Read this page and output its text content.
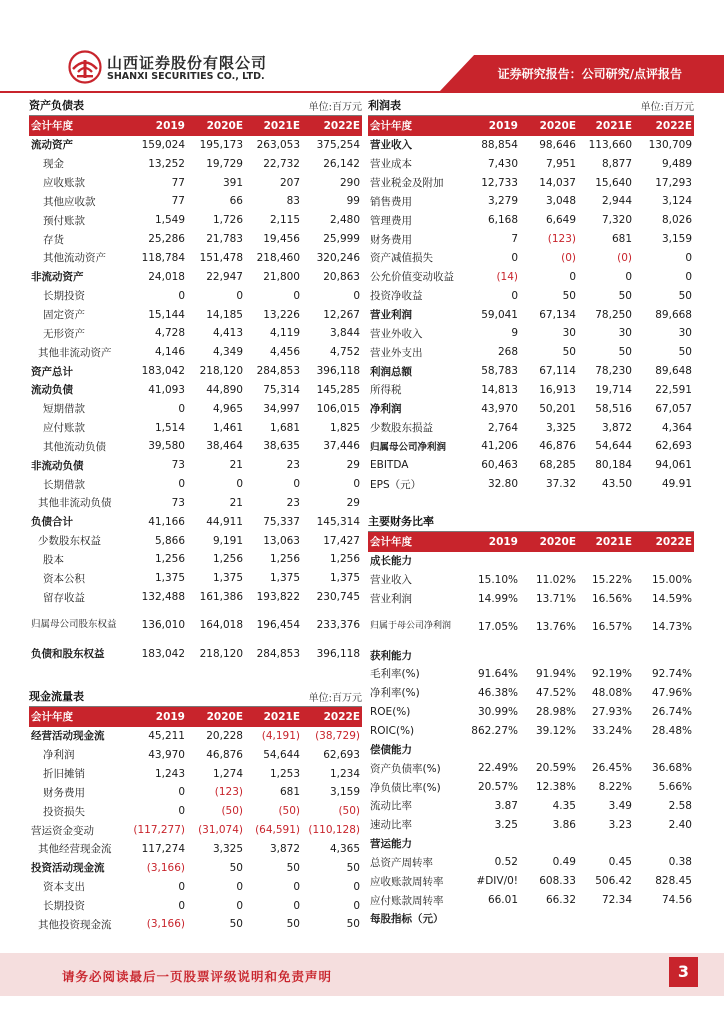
山西证券股份有限公司
SHANXI SECURITIES CO., LTD.	证券研究报告：公司研究/点评报告
资产负债表	单位:百万元
会计年度	2019	2020E	2021E	2022E
流动资产	159,024	195,173	263,053	375,254
现金	13,252	19,729	22,732	26,142
应收账款	77	391	207	290
其他应收款	77	66	83	99
预付账款	1,549	1,726	2,115	2,480
存货	25,286	21,783	19,456	25,999
其他流动资产	118,784	151,478	218,460	320,246
非流动资产	24,018	22,947	21,800	20,863
长期投资	0	0	0	0
固定资产	15,144	14,185	13,226	12,267
无形资产	4,728	4,413	4,119	3,844
其他非流动资产	4,146	4,349	4,456	4,752
资产总计	183,042	218,120	284,853	396,118
流动负债	41,093	44,890	75,314	145,285
短期借款	0	4,965	34,997	106,015
应付账款	1,514	1,461	1,681	1,825
其他流动负债	39,580	38,464	38,635	37,446
非流动负债	73	21	23	29
长期借款	0	0	0	0
其他非流动负债	73	21	23	29
负债合计	41,166	44,911	75,337	145,314
少数股东权益	5,866	9,191	13,063	17,427
股本	1,256	1,256	1,256	1,256
资本公积	1,375	1,375	1,375	1,375
留存收益	132,488	161,386	193,822	230,745
归属母公司股东权益	136,010	164,018	196,454	233,376
负债和股东权益	183,042	218,120	284,853	396,118
现金流量表	单位:百万元
会计年度	2019	2020E	2021E	2022E
经营活动现金流	45,211	20,228	(4,191)	(38,729)
净利润	43,970	46,876	54,644	62,693
折旧摊销	1,243	1,274	1,253	1,234
财务费用	0	(123)	681	3,159
投资损失	0	(50)	(50)	(50)
营运资金变动	(117,277)	(31,074)	(64,591)	(110,128)
其他经营现金流	117,274	3,325	3,872	4,365
投资活动现金流	(3,166)	50	50	50
资本支出	0	0	0	0
长期投资	0	0	0	0
其他投资现金流	(3,166)	50	50	50
利润表	单位:百万元
会计年度	2019	2020E	2021E	2022E
营业收入	88,854	98,646	113,660	130,709
营业成本	7,430	7,951	8,877	9,489
营业税金及附加	12,733	14,037	15,640	17,293
销售费用	3,279	3,048	2,944	3,124
管理费用	6,168	6,649	7,320	8,026
财务费用	7	(123)	681	3,159
资产减值损失	0	(0)	(0)	0
公允价值变动收益	(14)	0	0	0
投资净收益	0	50	50	50
营业利润	59,041	67,134	78,250	89,668
营业外收入	9	30	30	30
营业外支出	268	50	50	50
利润总额	58,783	67,114	78,230	89,648
所得税	14,813	16,913	19,714	22,591
净利润	43,970	50,201	58,516	67,057
少数股东损益	2,764	3,325	3,872	4,364
归属母公司净利润	41,206	46,876	54,644	62,693
EBITDA	60,463	68,285	80,184	94,061
EPS（元）	32.80	37.32	43.50	49.91
主要财务比率
会计年度	2019	2020E	2021E	2022E
成长能力				
营业收入	15.10%	11.02%	15.22%	15.00%
营业利润	14.99%	13.71%	16.56%	14.59%
归属于母公司净利润	17.05%	13.76%	16.57%	14.73%
获利能力				
毛利率(%)	91.64%	91.94%	92.19%	92.74%
净利率(%)	46.38%	47.52%	48.08%	47.96%
ROE(%)	30.99%	28.98%	27.93%	26.74%
ROIC(%)	862.27%	39.12%	33.24%	28.48%
偿债能力				
资产负债率(%)	22.49%	20.59%	26.45%	36.68%
净负债比率(%)	20.57%	12.38%	8.22%	5.66%
流动比率	3.87	4.35	3.49	2.58
速动比率	3.25	3.86	3.23	2.40
营运能力				
总资产周转率	0.52	0.49	0.45	0.38
应收账款周转率	#DIV/0!	608.33	506.42	828.45
应付账款周转率	66.01	66.32	72.34	74.56
每股指标（元）				
请务必阅读最后一页股票评级说明和免责声明	3
